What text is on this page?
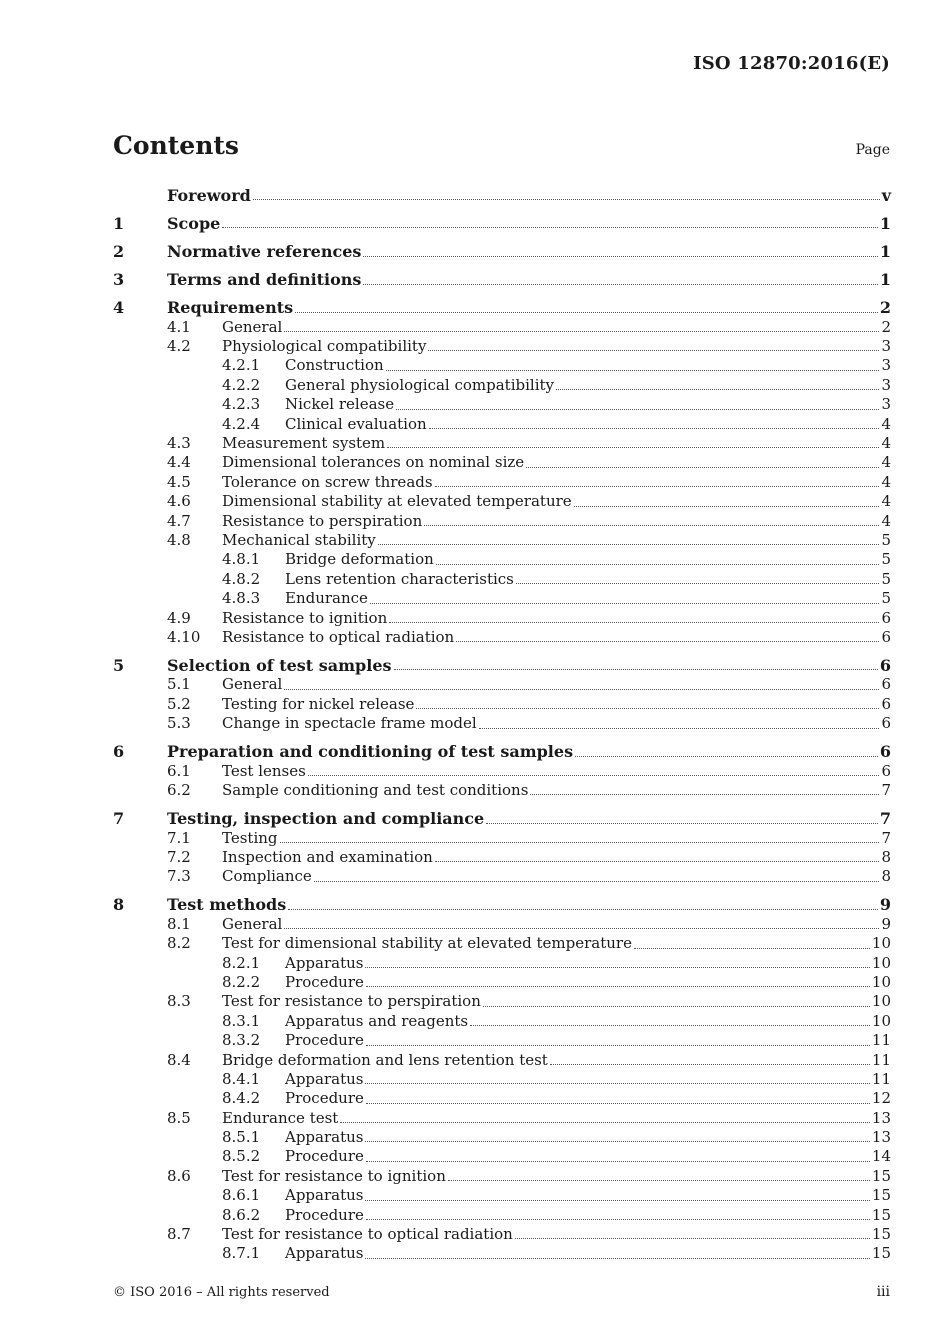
ISO 12870:2016(E)
Contents	Page
Foreword	v
1	Scope	1
2	Normative references	1
3	Terms and definitions	1
4	Requirements	2
4.1	General	2
4.2	Physiological compatibility	3
4.2.1	Construction	3
4.2.2	General physiological compatibility	3
4.2.3	Nickel release	3
4.2.4	Clinical evaluation	4
4.3	Measurement system	4
4.4	Dimensional tolerances on nominal size	4
4.5	Tolerance on screw threads	4
4.6	Dimensional stability at elevated temperature	4
4.7	Resistance to perspiration	4
4.8	Mechanical stability	5
4.8.1	Bridge deformation	5
4.8.2	Lens retention characteristics	5
4.8.3	Endurance	5
4.9	Resistance to ignition	6
4.10	Resistance to optical radiation	6
5	Selection of test samples	6
5.1	General	6
5.2	Testing for nickel release	6
5.3	Change in spectacle frame model	6
6	Preparation and conditioning of test samples	6
6.1	Test lenses	6
6.2	Sample conditioning and test conditions	7
7	Testing, inspection and compliance	7
7.1	Testing	7
7.2	Inspection and examination	8
7.3	Compliance	8
8	Test methods	9
8.1	General	9
8.2	Test for dimensional stability at elevated temperature	10
8.2.1	Apparatus	10
8.2.2	Procedure	10
8.3	Test for resistance to perspiration	10
8.3.1	Apparatus and reagents	10
8.3.2	Procedure	11
8.4	Bridge deformation and lens retention test	11
8.4.1	Apparatus	11
8.4.2	Procedure	12
8.5	Endurance test	13
8.5.1	Apparatus	13
8.5.2	Procedure	14
8.6	Test for resistance to ignition	15
8.6.1	Apparatus	15
8.6.2	Procedure	15
8.7	Test for resistance to optical radiation	15
8.7.1	Apparatus	15
© ISO 2016 – All rights reserved	iii
